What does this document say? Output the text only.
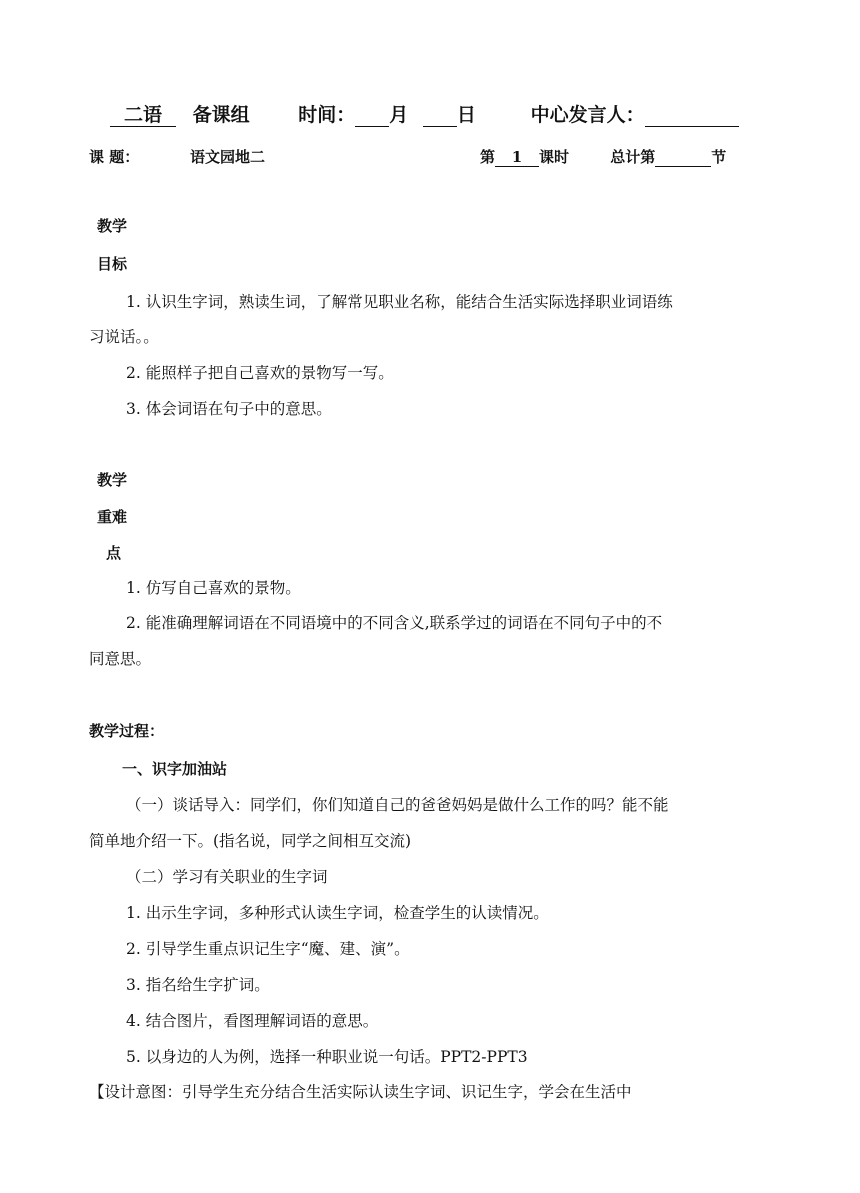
二语 备课组	时间： 月	日	中心发言人：
课 题：	语文园地二	第 1 课时	总计第	节
教学
目标
1. 认识生字词，熟读生词，了解常见职业名称，能结合生活实际选择职业词语练
习说话。。
2. 能照样子把自己喜欢的景物写一写。
3. 体会词语在句子中的意思。
教学
重难
点
1. 仿写自己喜欢的景物。
2. 能准确理解词语在不同语境中的不同含义,联系学过的词语在不同句子中的不
同意思。
教学过程：
一、识字加油站
（一）谈话导入：同学们，你们知道自己的爸爸妈妈是做什么工作的吗？能不能
简单地介绍一下。(指名说，同学之间相互交流)
（二）学习有关职业的生字词
1. 出示生字词，多种形式认读生字词，检查学生的认读情况。
2. 引导学生重点识记生字“魔、建、演”。
3. 指名给生字扩词。
4. 结合图片，看图理解词语的意思。
5. 以身边的人为例，选择一种职业说一句话。PPT2-PPT3
【设计意图：引导学生充分结合生活实际认读生字词、识记生字，学会在生活中
